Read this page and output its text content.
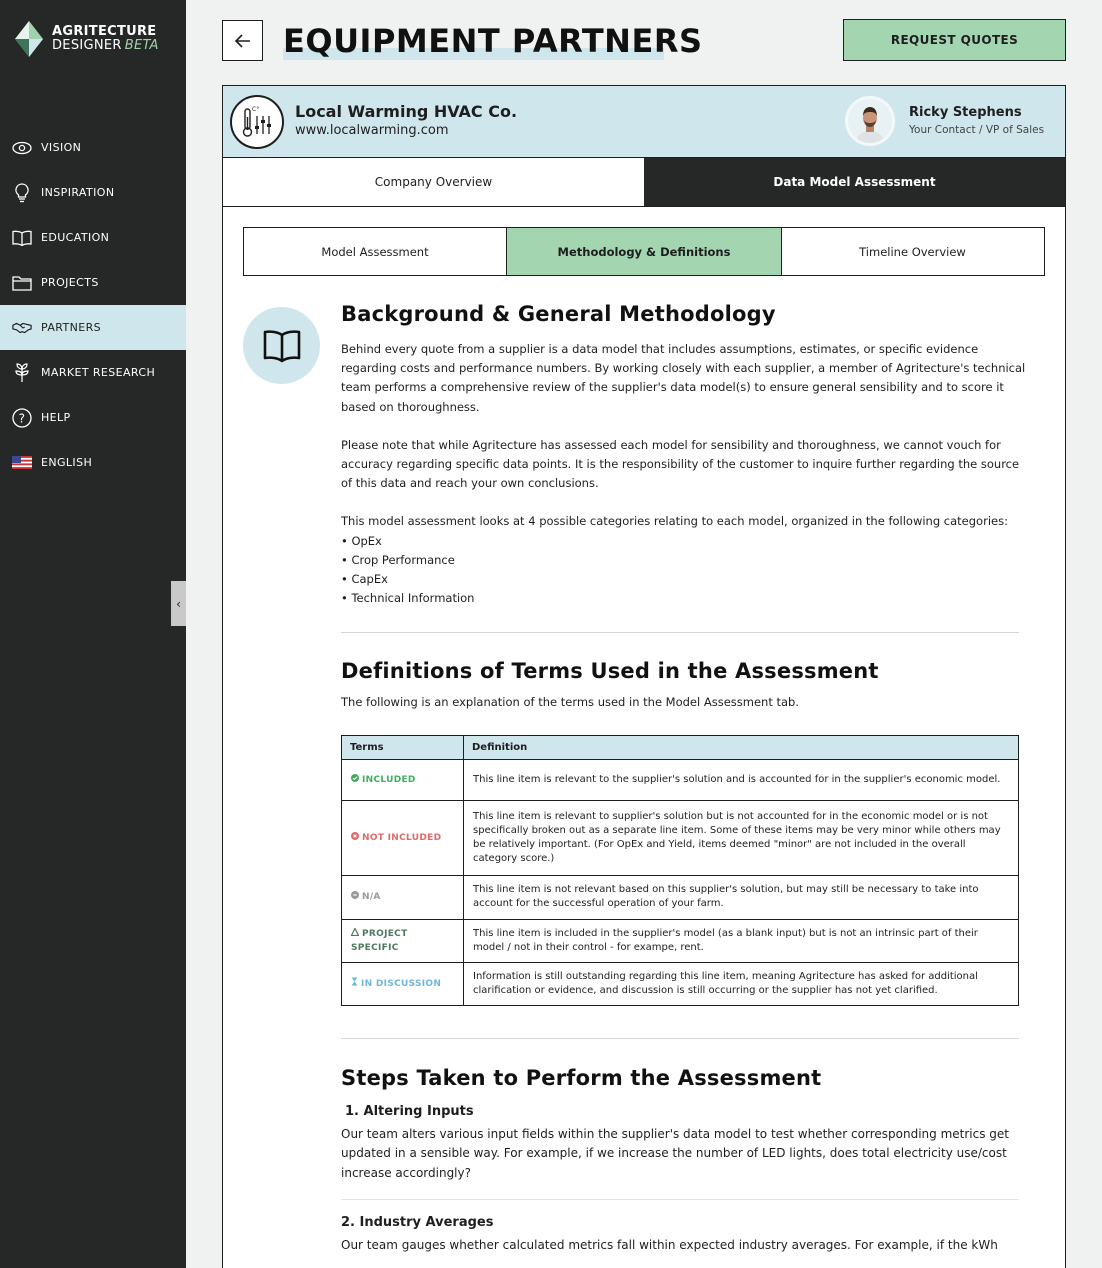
AGRITECTURE
DESIGNER BETA
VISION
INSPIRATION
EDUCATION
PROJECTS
PARTNERS
MARKET RESEARCH
? HELP
ENGLISH
‹
EQUIPMENT PARTNERS	REQUEST QUOTES
C° Local Warming HVAC Co.
www.localwarming.com
Ricky Stephens
Your Contact / VP of Sales
Company Overview	Data Model Assessment
Model Assessment	Methodology & Definitions	Timeline Overview
Background & General Methodology

Behind every quote from a supplier is a data model that includes assumptions, estimates, or specific evidence regarding costs and performance numbers. By working closely with each supplier, a member of Agritecture's technical team performs a comprehensive review of the supplier's data model(s) to ensure general sensibility and to score it based on thoroughness.

Please note that while Agritecture has assessed each model for sensibility and thoroughness, we cannot vouch for accuracy regarding specific data points. It is the responsibility of the customer to inquire further regarding the source of this data and reach your own conclusions.

This model assessment looks at 4 possible categories relating to each model, organized in the following categories:

• OpEx
• Crop Performance
• CapEx
• Technical Information
Definitions of Terms Used in the Assessment

The following is an explanation of the terms used in the Model Assessment tab.

Terms	Definition
INCLUDED	This line item is relevant to the supplier's solution and is accounted for in the supplier's economic model.
NOT INCLUDED	This line item is relevant to supplier's solution but is not accounted for in the economic model or is not specifically broken out as a separate line item. Some of these items may be very minor while others may be relatively important. (For OpEx and Yield, items deemed "minor" are not included in the overall category score.)
N/A	This line item is not relevant based on this supplier's solution, but may still be necessary to take into account for the successful operation of your farm.
PROJECT SPECIFIC	This line item is included in the supplier's model (as a blank input) but is not an intrinsic part of their model / not in their control - for exampe, rent.
IN DISCUSSION	Information is still outstanding regarding this line item, meaning Agritecture has asked for additional clarification or evidence, and discussion is still occurring or the supplier has not yet clarified.
Steps Taken to Perform the Assessment
1. Altering Inputs

Our team alters various input fields within the supplier's data model to test whether corresponding metrics get updated in a sensible way. For example, if we increase the number of LED lights, does total electricity use/cost increase accordingly?

2. Industry Averages

Our team gauges whether calculated metrics fall within expected industry averages. For example, if the kWh
